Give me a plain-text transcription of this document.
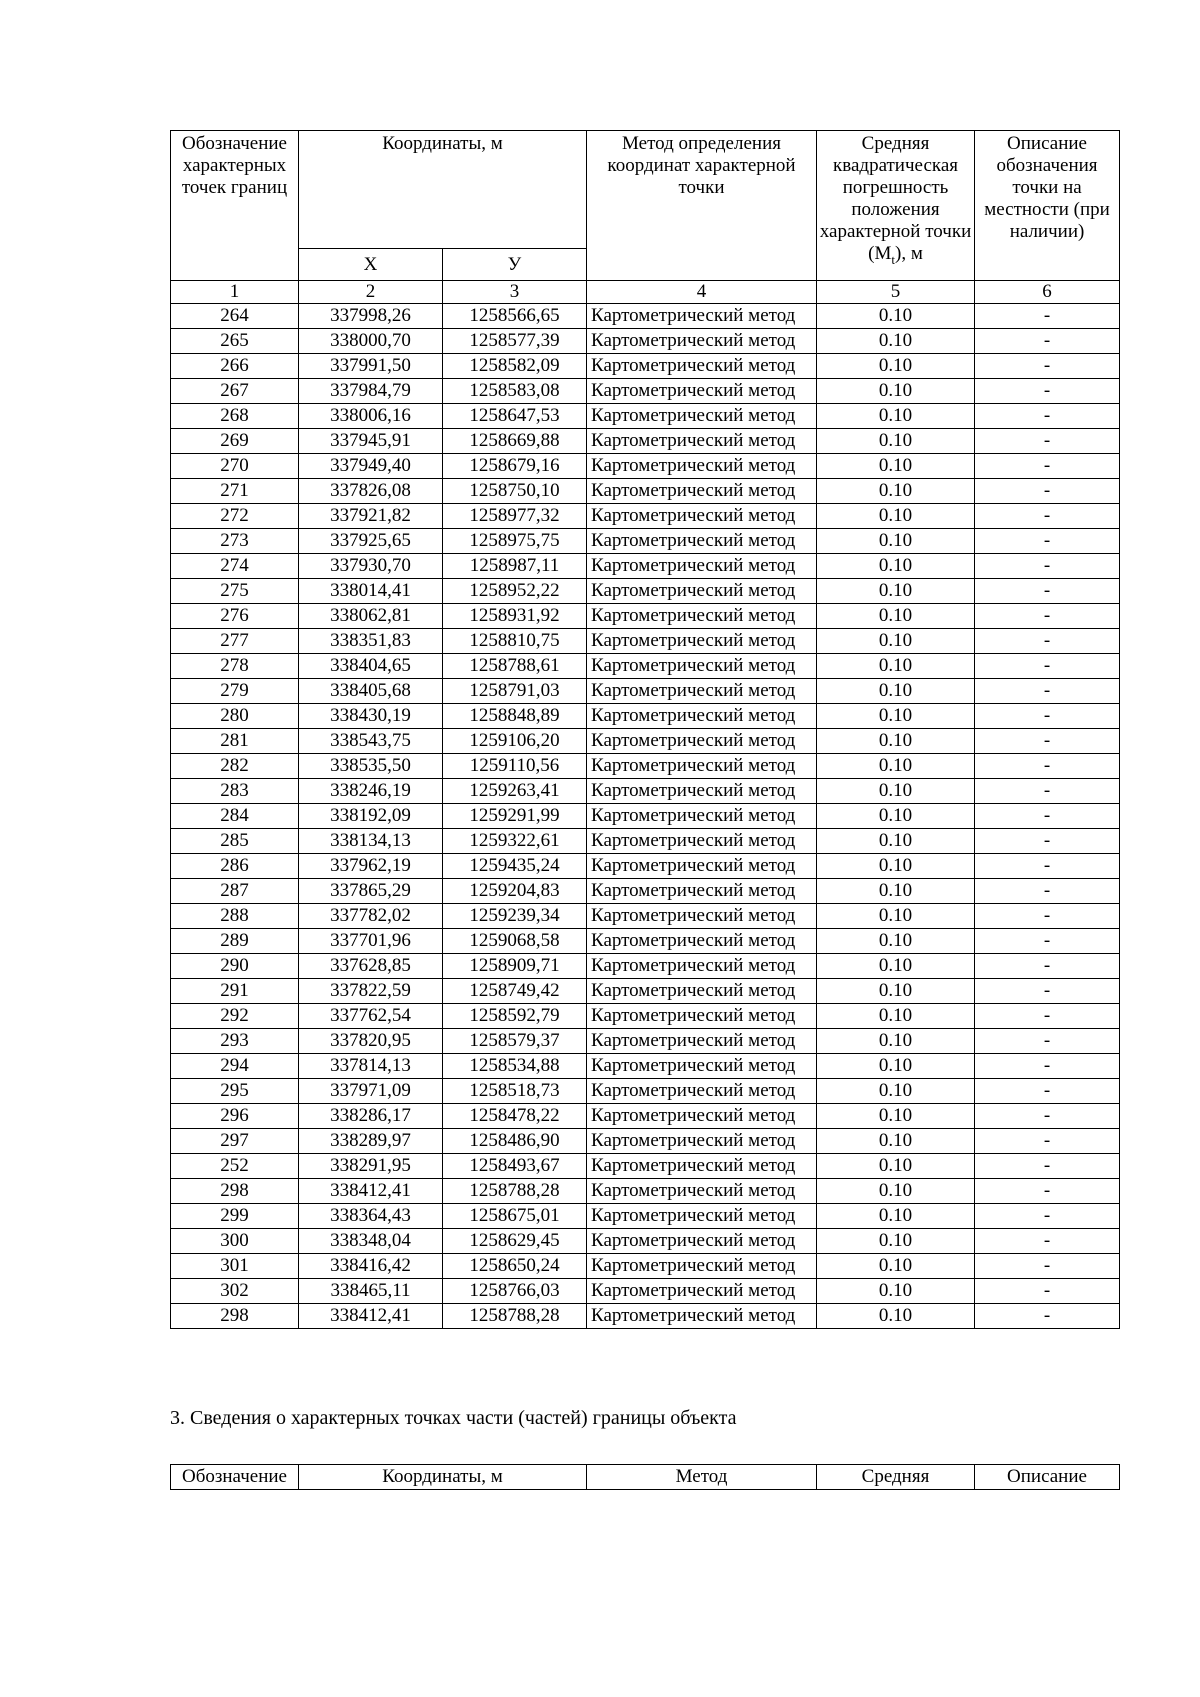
Обозначение характерных точек границ	Координаты, м		Метод определения координат характерной точки	Средняя квадратическая погрешность положения характерной точки $(М_t)$, м	Описание обозначения точки на местности (при наличии)
	Х	У			
1	2	3	4	5	6
264	337998,26	1258566,65	Картометрический метод	0.10	-
265	338000,70	1258577,39	Картометрический метод	0.10	-
266	337991,50	1258582,09	Картометрический метод	0.10	-
267	337984,79	1258583,08	Картометрический метод	0.10	-
268	338006,16	1258647,53	Картометрический метод	0.10	-
269	337945,91	1258669,88	Картометрический метод	0.10	-
270	337949,40	1258679,16	Картометрический метод	0.10	-
271	337826,08	1258750,10	Картометрический метод	0.10	-
272	337921,82	1258977,32	Картометрический метод	0.10	-
273	337925,65	1258975,75	Картометрический метод	0.10	-
274	337930,70	1258987,11	Картометрический метод	0.10	-
275	338014,41	1258952,22	Картометрический метод	0.10	-
276	338062,81	1258931,92	Картометрический метод	0.10	-
277	338351,83	1258810,75	Картометрический метод	0.10	-
278	338404,65	1258788,61	Картометрический метод	0.10	-
279	338405,68	1258791,03	Картометрический метод	0.10	-
280	338430,19	1258848,89	Картометрический метод	0.10	-
281	338543,75	1259106,20	Картометрический метод	0.10	-
282	338535,50	1259110,56	Картометрический метод	0.10	-
283	338246,19	1259263,41	Картометрический метод	0.10	-
284	338192,09	1259291,99	Картометрический метод	0.10	-
285	338134,13	1259322,61	Картометрический метод	0.10	-
286	337962,19	1259435,24	Картометрический метод	0.10	-
287	337865,29	1259204,83	Картометрический метод	0.10	-
288	337782,02	1259239,34	Картометрический метод	0.10	-
289	337701,96	1259068,58	Картометрический метод	0.10	-
290	337628,85	1258909,71	Картометрический метод	0.10	-
291	337822,59	1258749,42	Картометрический метод	0.10	-
292	337762,54	1258592,79	Картометрический метод	0.10	-
293	337820,95	1258579,37	Картометрический метод	0.10	-
294	337814,13	1258534,88	Картометрический метод	0.10	-
295	337971,09	1258518,73	Картометрический метод	0.10	-
296	338286,17	1258478,22	Картометрический метод	0.10	-
297	338289,97	1258486,90	Картометрический метод	0.10	-
252	338291,95	1258493,67	Картометрический метод	0.10	-
298	338412,41	1258788,28	Картометрический метод	0.10	-
299	338364,43	1258675,01	Картометрический метод	0.10	-
300	338348,04	1258629,45	Картометрический метод	0.10	-
301	338416,42	1258650,24	Картометрический метод	0.10	-
302	338465,11	1258766,03	Картометрический метод	0.10	-
298	338412,41	1258788,28	Картометрический метод	0.10	-
3. Сведения о характерных точках части (частей) границы объекта
Обозначение	Координаты, м	Метод	Средняя	Описание
